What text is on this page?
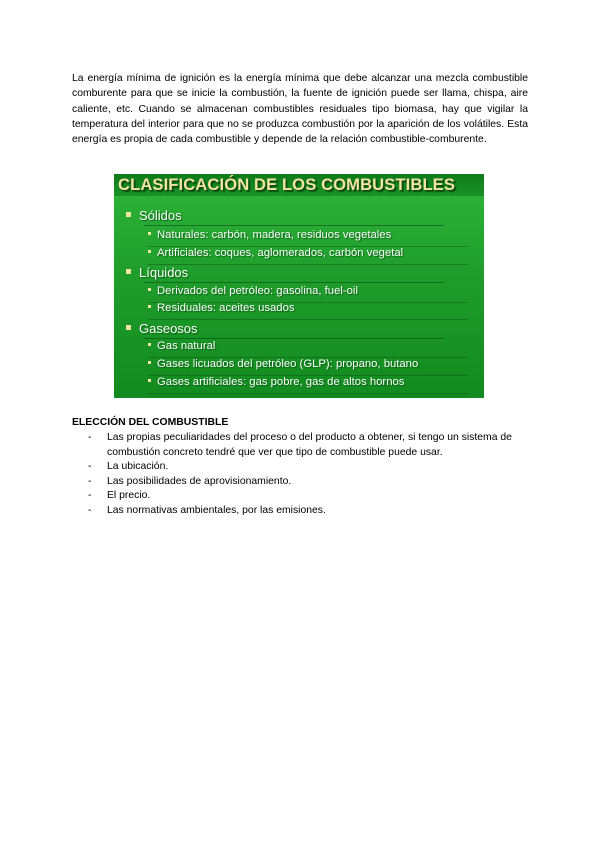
La energía mínima de ignición es la energía mínima que debe alcanzar una mezcla combustible comburente para que se inicie la combustión, la fuente de ignición puede ser llama, chispa, aire caliente, etc. Cuando se almacenan combustibles residuales tipo biomasa, hay que vigilar la temperatura del interior para que no se produzca combustión por la aparición de los volátiles. Esta energía es propia de cada combustible y depende de la relación combustible-comburente.

CLASIFICACIÓN DE LOS COMBUSTIBLES
Sólidos
Naturales: carbón, madera, residuos vegetales
Artificiales: coques, aglomerados, carbón vegetal
Líquidos
Derivados del petróleo: gasolina, fuel-oil
Residuales: aceites usados
Gaseosos
Gas natural
Gases licuados del petróleo (GLP): propano, butano
Gases artificiales: gas pobre, gas de altos hornos
ELECCIÓN DEL COMBUSTIBLE
- Las propias peculiaridades del proceso o del producto a obtener, si tengo un sistema de combustión concreto tendré que ver que tipo de combustible puede usar.
- La ubicación.
- Las posibilidades de aprovisionamiento.
- El precio.
- Las normativas ambientales, por las emisiones.
